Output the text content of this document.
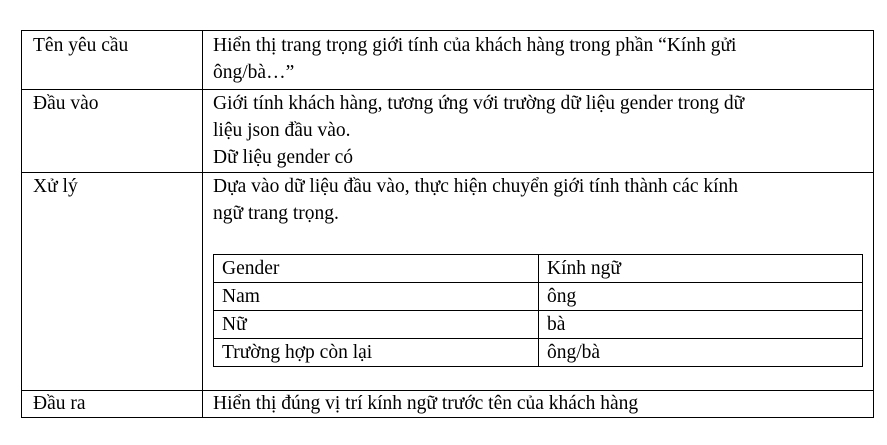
Tên yêu cầu	Hiển thị trang trọng giới tính của khách hàng trong phần “Kính gửi
ông/bà…”

Đầu vào	Giới tính khách hàng, tương ứng với trường dữ liệu gender trong dữ
liệu json đầu vào.
Dữ liệu gender có

Xử lý	Dựa vào dữ liệu đầu vào, thực hiện chuyển giới tính thành các kính
ngữ trang trọng.
Gender	Kính ngữ
Nam	ông
Nữ	bà
Trường hợp còn lại	ông/bà

Đầu ra	Hiển thị đúng vị trí kính ngữ trước tên của khách hàng
